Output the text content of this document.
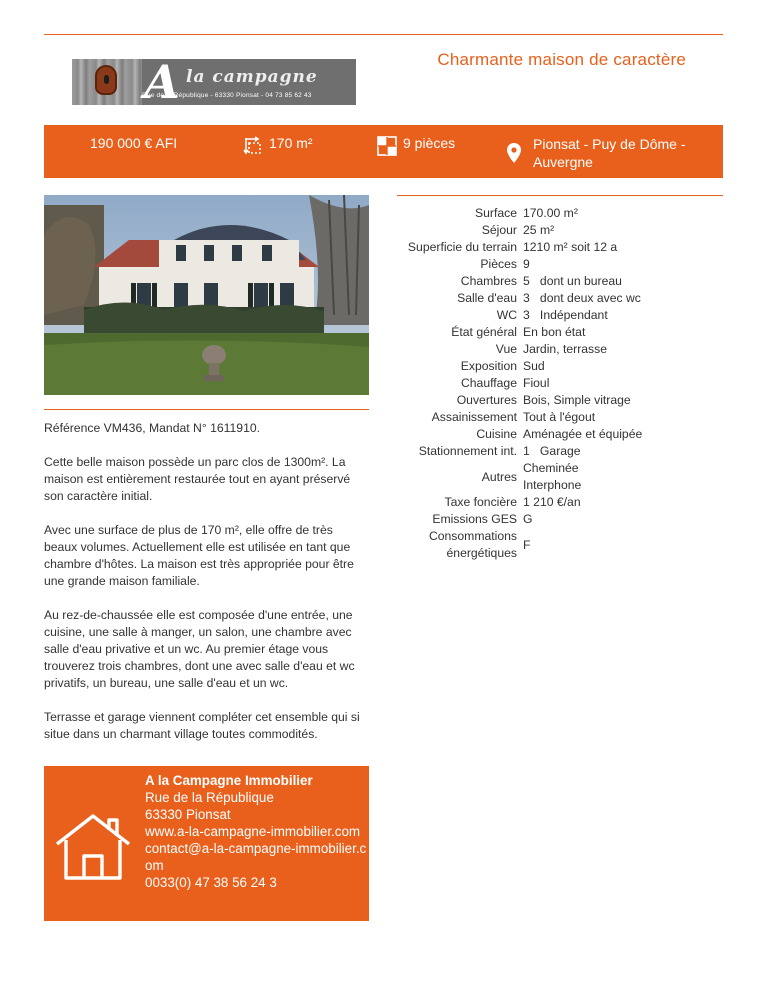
Charmante maison de caractère
A la campagne
Rue de la République - 63330 Pionsat - 04 73 85 62 43
190 000 € AFI	170 m²	9 pièces	Pionsat - Puy de Dôme - Auvergne

Référence VM436, Mandat N° 1611910.

Cette belle maison possède un parc clos de 1300m². La maison est entièrement restaurée tout en ayant préservé son caractère initial.

Avec une surface de plus de 170 m², elle offre de très beaux volumes. Actuellement elle est utilisée en tant que chambre d'hôtes. La maison est très appropriée pour être une grande maison familiale.

Au rez-de-chaussée elle est composée d'une entrée, une cuisine, une salle à manger, un salon, une chambre avec salle d'eau privative et un wc. Au premier étage vous trouverez trois chambres, dont une avec salle d'eau et wc privatifs, un bureau, une salle d'eau et un wc.

Terrasse et garage viennent compléter cet ensemble qui si situe dans un charmant village toutes commodités.

A la Campagne Immobilier
Rue de la République
63330 Pionsat
www.a-la-campagne-immobilier.com
contact@a-la-campagne-immobilier.com
0033(0) 47 38 56 24 3
Surface	170.00 m²
Séjour	25 m²
Superficie du terrain	1210 m² soit 12 a
Pièces	9
Chambres	5   dont un bureau
Salle d'eau	3   dont deux avec wc
WC	3   Indépendant
État général	En bon état
Vue	Jardin, terrasse
Exposition	Sud
Chauffage	Fioul
Ouvertures	Bois, Simple vitrage
Assainissement	Tout à l'égout
Cuisine	Aménagée et équipée
Stationnement int.	1   Garage
Autres	Cheminée
Interphone

Taxe foncière	1 210 €/an
Emissions GES	G
Consommations énergétiques	F
